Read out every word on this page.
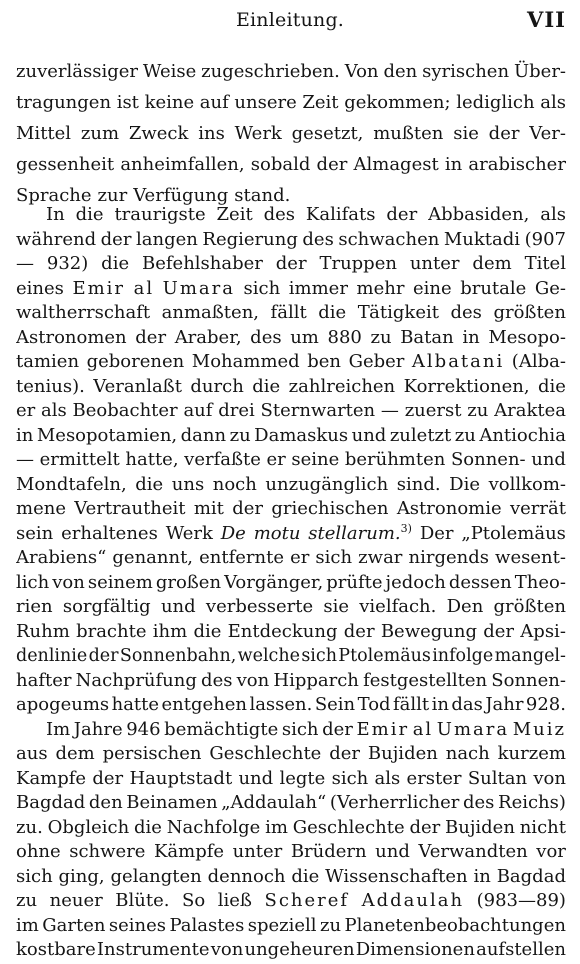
Einleitung.	VII
zuverlässiger Weise zugeschrieben. Von den syrischen Über-
tragungen ist keine auf unsere Zeit gekommen; lediglich als
Mittel zum Zweck ins Werk gesetzt, mußten sie der Ver-
gessenheit anheimfallen, sobald der Almagest in arabischer
Sprache zur Verfügung stand.
In die traurigste Zeit des Kalifats der Abbasiden, als
während der langen Regierung des schwachen Muktadi (907
— 932) die Befehlshaber der Truppen unter dem Titel
eines Emir al Umara sich immer mehr eine brutale Ge-
waltherrschaft anmaßten, fällt die Tätigkeit des größten
Astronomen der Araber, des um 880 zu Batan in Mesopo-
tamien geborenen Mohammed ben Geber Albatani (Alba-
tenius). Veranlaßt durch die zahlreichen Korrektionen, die
er als Beobachter auf drei Sternwarten — zuerst zu Araktea
in Mesopotamien, dann zu Damaskus und zuletzt zu Antiochia
— ermittelt hatte, verfaßte er seine berühmten Sonnen- und
Mondtafeln, die uns noch unzugänglich sind. Die vollkom-
mene Vertrautheit mit der griechischen Astronomie verrät
sein erhaltenes Werk De motu stellarum.$^{3)}$ Der „Ptolemäus
Arabiens“ genannt, entfernte er sich zwar nirgends wesent-
lich von seinem großen Vorgänger, prüfte jedoch dessen Theo-
rien sorgfältig und verbesserte sie vielfach. Den größten
Ruhm brachte ihm die Entdeckung der Bewegung der Apsi-
denlinie der Sonnenbahn, welche sich Ptolemäus infolge mangel-
hafter Nachprüfung des von Hipparch festgestellten Sonnen-
apogeums hatte entgehen lassen. Sein Tod fällt in das Jahr 928.
Im Jahre 946 bemächtigte sich der Emir al Umara Muiz
aus dem persischen Geschlechte der Bujiden nach kurzem
Kampfe der Hauptstadt und legte sich als erster Sultan von
Bagdad den Beinamen „Addaulah“ (Verherrlicher des Reichs)
zu. Obgleich die Nachfolge im Geschlechte der Bujiden nicht
ohne schwere Kämpfe unter Brüdern und Verwandten vor
sich ging, gelangten dennoch die Wissenschaften in Bagdad
zu neuer Blüte. So ließ Scheref Addaulah (983—89)
im Garten seines Palastes speziell zu Planetenbeobachtungen
kostbare Instrumente von ungeheuren Dimensionen aufstellen
